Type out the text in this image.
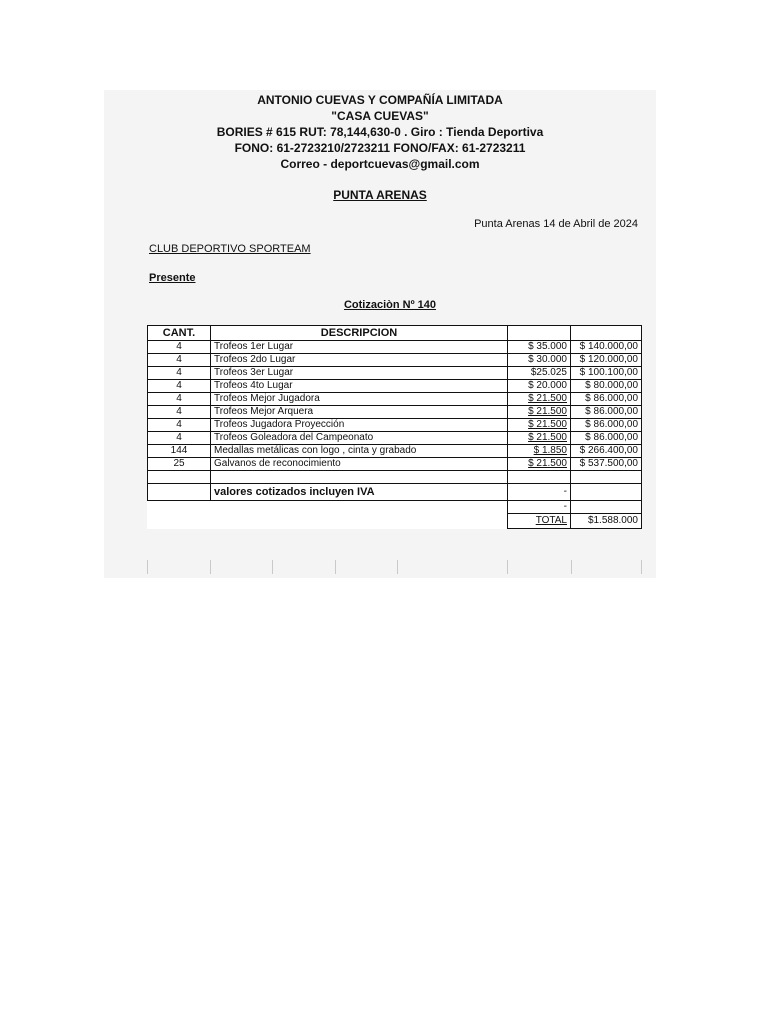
ANTONIO CUEVAS Y COMPAÑÍA LIMITADA

"CASA CUEVAS"

BORIES # 615 RUT: 78,144,630-0 . Giro : Tienda Deportiva

FONO: 61-2723210/2723211 FONO/FAX: 61-2723211

Correo - deportcuevas@gmail.com

PUNTA ARENAS
Punta Arenas 14 de Abril de 2024
CLUB DEPORTIVO SPORTEAM
Presente
Cotizaciòn Nº 140
CANT.	DESCRIPCION		
4	Trofeos 1er Lugar	$ 35.000	$ 140.000,00
4	Trofeos 2do Lugar	$ 30.000	$ 120.000,00
4	Trofeos 3er Lugar	$25.025	$ 100.100,00
4	Trofeos 4to Lugar	$ 20.000	$ 80.000,00
4	Trofeos Mejor Jugadora	$ 21.500	$ 86.000,00
4	Trofeos Mejor Arquera	$ 21.500	$ 86.000,00
4	Trofeos Jugadora Proyección	$ 21.500	$ 86.000,00
4	Trofeos Goleadora del Campeonato	$ 21.500	$ 86.000,00
144	Medallas metálicas con logo , cinta y grabado	$ 1.850	$ 266.400,00
25	Galvanos de reconocimiento	$ 21.500	$ 537.500,00

	valores cotizados incluyen IVA	-	
		-	
		TOTAL	$1.588.000
